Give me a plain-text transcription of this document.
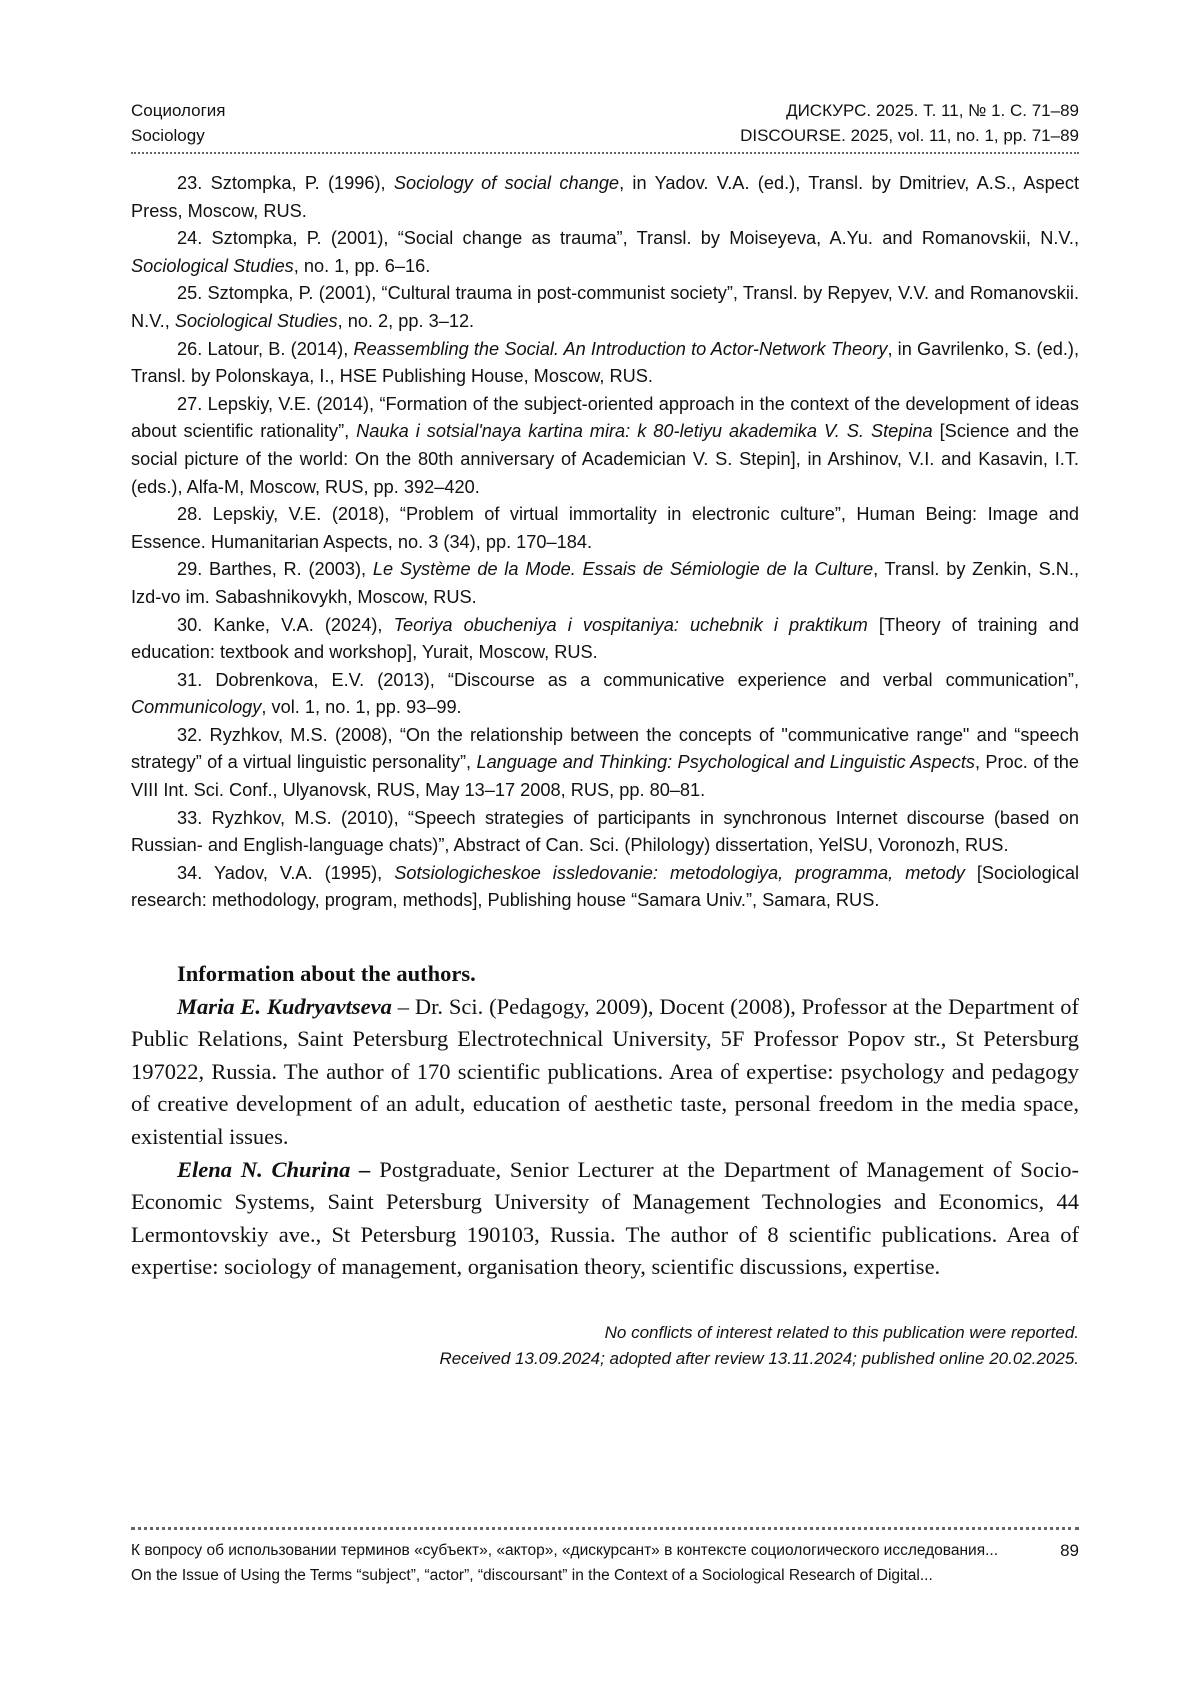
Социология
Sociology
ДИСКУРС. 2025. Т. 11, № 1. С. 71–89
DISCOURSE. 2025, vol. 11, no. 1, pp. 71–89

23. Sztompka, P. (1996), Sociology of social change, in Yadov. V.A. (ed.), Transl. by Dmitriev, A.S., Aspect Press, Moscow, RUS.

24. Sztompka, P. (2001), “Social change as trauma”, Transl. by Moiseyeva, A.Yu. and Romanovskii, N.V., Sociological Studies, no. 1, pp. 6–16.

25. Sztompka, P. (2001), “Cultural trauma in post-communist society”, Transl. by Repyev, V.V. and Romanovskii. N.V., Sociological Studies, no. 2, pp. 3–12.

26. Latour, B. (2014), Reassembling the Social. An Introduction to Actor-Network Theory, in Gavrilenko, S. (ed.), Transl. by Polonskaya, I., HSE Publishing House, Moscow, RUS.

27. Lepskiy, V.E. (2014), “Formation of the subject-oriented approach in the context of the development of ideas about scientific rationality”, Nauka i sotsial'naya kartina mira: k 80-letiyu akademika V. S. Stepina [Science and the social picture of the world: On the 80th anniversary of Academician V. S. Stepin], in Arshinov, V.I. and Kasavin, I.T. (eds.), Alfa-M, Moscow, RUS, pp. 392–420.

28. Lepskiy, V.E. (2018), “Problem of virtual immortality in electronic culture”, Human Being: Image and Essence. Humanitarian Aspects, no. 3 (34), pp. 170–184.

29. Barthes, R. (2003), Le Système de la Mode. Essais de Sémiologie de la Culture, Transl. by Zenkin, S.N., Izd-vo im. Sabashnikovykh, Moscow, RUS.

30. Kanke, V.A. (2024), Teoriya obucheniya i vospitaniya: uchebnik i praktikum [Theory of training and education: textbook and workshop], Yurait, Moscow, RUS.

31. Dobrenkova, E.V. (2013), “Discourse as a communicative experience and verbal communication”, Communicology, vol. 1, no. 1, pp. 93–99.

32. Ryzhkov, M.S. (2008), “On the relationship between the concepts of "communicative range" and “speech strategy” of a virtual linguistic personality”, Language and Thinking: Psychological and Linguistic Aspects, Proc. of the VIII Int. Sci. Conf., Ulyanovsk, RUS, May 13–17 2008, RUS, pp. 80–81.

33. Ryzhkov, M.S. (2010), “Speech strategies of participants in synchronous Internet discourse (based on Russian- and English-language chats)”, Abstract of Can. Sci. (Philology) dissertation, YelSU, Voronozh, RUS.

34. Yadov, V.A. (1995), Sotsiologicheskoe issledovanie: metodologiya, programma, metody [Sociological research: methodology, program, methods], Publishing house “Samara Univ.”, Samara, RUS.

Information about the authors.

Maria E. Kudryavtseva – Dr. Sci. (Pedagogy, 2009), Docent (2008), Professor at the Department of Public Relations, Saint Petersburg Electrotechnical University, 5F Professor Popov str., St Petersburg 197022, Russia. The author of 170 scientific publications. Area of expertise: psychology and pedagogy of creative development of an adult, education of aesthetic taste, personal freedom in the media space, existential issues.

Elena N. Churina – Postgraduate, Senior Lecturer at the Department of Management of Socio-Economic Systems, Saint Petersburg University of Management Technologies and Economics, 44 Lermontovskiy ave., St Petersburg 190103, Russia. The author of 8 scientific publications. Area of expertise: sociology of management, organisation theory, scientific discussions, expertise.

No conflicts of interest related to this publication were reported.
Received 13.09.2024; adopted after review 13.11.2024; published online 20.02.2025.
К вопросу об использовании терминов «субъект», «актор», «дискурсант» в контексте социологического исследования...
On the Issue of Using the Terms “subject”, “actor”, “discoursant” in the Context of a Sociological Research of Digital...
89
